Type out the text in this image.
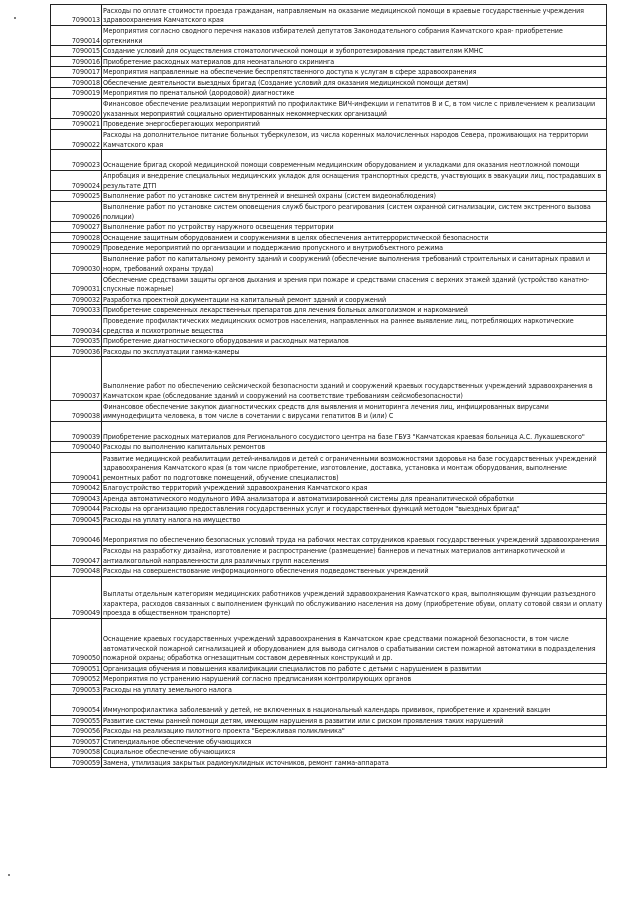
7090013	Расходы по оплате стоимости проезда гражданам, направляемым на оказание медицинской помощи в краевые государственные учреждения здравоохранения Камчатского края
7090014	Мероприятия согласно сводного перечня наказов избирателей депутатов Законодательного собрания Камчатского края- приобретение ортекнинки
7090015	Создание условий для осуществления стоматологической помощи и зубопротезирования представителям КМНС
7090016	Приобретение расходных материалов для неонатального скрининга
7090017	Мероприятия направленные на обеспечение беспрепятственного доступа к услугам в сфере здравоохранения
7090018	Обеспечение деятельности выездных бригад (Создание условий для оказания медицинской помощи детям)
7090019	Мероприятия по пренатальной (дородовой) диагностике
7090020	Финансовое обеспечение реализации мероприятий по профилактике ВИЧ-инфекции и гепатитов В и С, в том числе с привлечением к реализации указанных мероприятий социально ориентированных некоммерческих организаций
7090021	Проведение энергосберегающих мероприятий
7090022	Расходы на дополнительное питание больных туберкулезом, из числа коренных малочисленных народов Севера, проживающих на территории Камчатского края
7090023	Оснащение бригад скорой медицинской помощи современным медицинским оборудованием и укладками для оказания неотложной помощи
7090024	Апробация и внедрение специальных медицинских укладок для оснащения транспортных средств, участвующих в эвакуации лиц, пострадавших в результате ДТП
7090025	Выполнение работ по установке систем внутренней и внешней охраны (систем видеонаблюдения)
7090026	Выполнение работ по установке систем оповещения служб быстрого реагирования (систем охранной сигнализации, систем экстренного вызова полиции)
7090027	Выполнение работ по устройству наружного освещения территории
7090028	Оснащение защитным оборудованием и сооружениями в целях обеспечения антитеррористической безопасности
7090029	Проведение мероприятий по организации и поддержанию пропускного и внутриобъектного режима
7090030	Выполнение работ по капитальному ремонту зданий и сооружений (обеспечение выполнения требований строительных и санитарных правил и норм, требований охраны труда)
7090031	Обеспечение средствами защиты органов дыхания и зрения при пожаре и средствами спасения с верхних этажей зданий (устройство канатно-спускные пожарные)
7090032	Разработка проектной документации на капитальный ремонт зданий и сооружений
7090033	Приобретение современных лекарственных препаратов для лечения больных алкоголизмом и наркоманией
7090034	Проведение профилактических медицинских осмотров населения, направленных на раннее выявление лиц, потребляющих наркотические средства и психотропные вещества
7090035	Приобретение диагностического оборудования и расходных материалов
7090036	Расходы по эксплуатации гамма-камеры
7090037	Выполнение работ по обеспечению сейсмической безопасности зданий и сооружений краевых государственных учреждений здравоохранения в Камчатском крае (обследование зданий и сооружений на соответствие требованиям сейсмобезопасности)
7090038	Финансовое обеспечение закупок диагностических средств для выявления и мониторинга лечения лиц, инфицированных вирусами иммунодефицита человека, в том числе в сочетании с вирусами гепатитов В и (или) С
7090039	Приобретение расходных материалов для Регионального сосудистого центра на базе ГБУЗ "Камчатская краевая больница А.С. Лукашевского"
7090040	Расходы по выполнению капитальных ремонтов
7090041	Развитие медицинской реабилитации детей-инвалидов и детей с ограниченными возможностями здоровья на базе государственных учреждений здравоохранения Камчатского края (в том числе приобретение, изготовление, доставка, установка и монтаж оборудования, выполнение ремонтных работ по подготовке помещений, обучение специалистов)
7090042	Благоустройство территорий учреждений здравоохранения Камчатского края
7090043	Аренда автоматического модульного ИФА анализатора и автоматизированной системы для преаналитической обработки
7090044	Расходы на организацию предоставления государственных услуг и государственных функций методом "выездных бригад"
7090045	Расходы на уплату налога на имущество
7090046	Мероприятия по обеспечению безопасных условий труда на рабочих местах сотрудников краевых государственных учреждений здравоохранения
7090047	Расходы на разработку дизайна, изготовление и распространение (размещение) баннеров и печатных материалов антинаркотической и антиалкогольной направленности для различных групп населения
7090048	Расходы на совершенствование информационного обеспечения подведомственных учреждений
7090049	Выплаты отдельным категориям медицинских работников учреждений здравоохранения Камчатского края, выполняющим функции разъездного характера, расходов связанных с выполнением функций по обслуживанию населения на дому (приобретение обуви, оплату сотовой связи и оплату проезда в общественном транспорте)
7090050	Оснащение краевых государственных учреждений здравоохранения в Камчатском крае средствами пожарной безопасности, в том числе автоматической пожарной сигнализацией и оборудованием для вывода сигналов о срабатывании систем пожарной автоматики в подразделения пожарной охраны; обработка огнезащитным составом деревянных конструкций и др.
7090051	Организация обучения и повышения квалификации специалистов по работе с детьми с нарушением в развитии
7090052	Мероприятия по устранению нарушений согласно предписаниям контролирующих органов
7090053	Расходы на уплату земельного налога
7090054	Иммунопрофилактика заболеваний у детей, не включенных в национальный календарь прививок, приобретение и хранений вакцин
7090055	Развитие системы ранней помощи детям, имеющим нарушения в развитии или с риском проявления таких нарушений
7090056	Расходы на реализацию пилотного проекта "Бережливая поликлиника"
7090057	Стипендиальное обеспечение обучающихся
7090058	Социальное обеспечение обучающихся
7090059	Замена, утилизация закрытых радионуклидных источников, ремонт гамма-аппарата
